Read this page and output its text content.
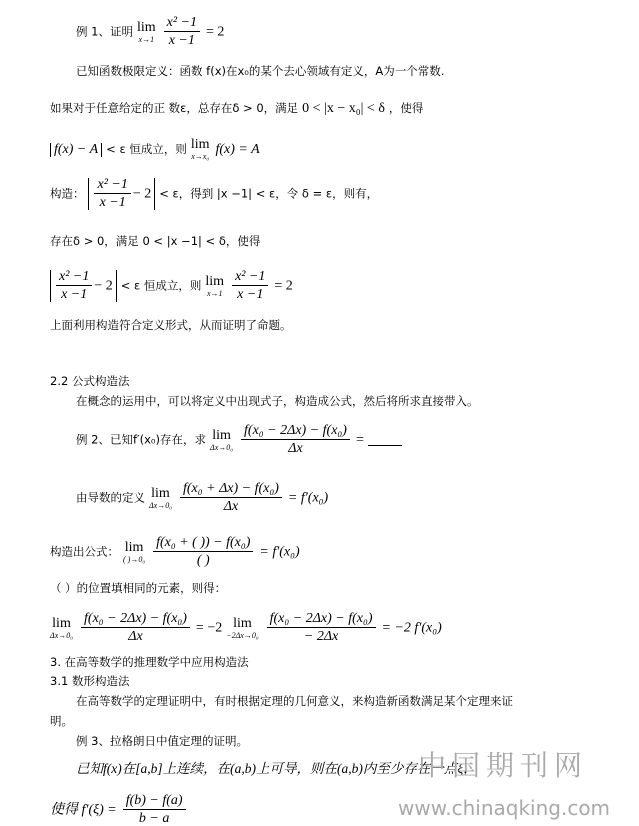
例 1、证明 lim
x→1
$\frac{\text{x² −1}}{x -1} = 2$
已知函数极限定义：函数 f(x)在x₀的某个去心领域有定义，A为一个常数.
如果对于任意给定的正 数ε，总存在δ > 0，满足 0 < |x − x₀| < δ ，使得
f(x) − A < ε 恒成立，则 lim
x→x₀ f(x) = A
构造： $\frac{\text{x² −1}}{x -1} - 2 < \varepsilon$，得到 |x −1| < ε，令 δ = ε，则有，
存在δ > 0，满足 0 < |x −1| < δ，使得
$\frac{\text{x² −1}}{x -1} - 2 < \varepsilon$ 恒成立，则 lim
x→1
$\frac{\text{x² −1}}{x -1} = 2$
上面利用构造符合定义形式，从而证明了命题。
2.2 公式构造法
在概念的运用中，可以将定义中出现式子，构造成公式，然后将所求直接带入。
例 2、已知f′(x₀)存在，求 lim
Δx→0₀
$\frac{\text{f(x₀ − 2Δx) − f(x₀)}}{\Delta x}$ =
由导数的定义 lim
Δx→0₀
$\frac{\text{f(x₀ + Δx) − f(x₀)}}{\Delta x} = f'(x_0)$
构造出公式： lim
( )→0₀
$\frac{\text{f(x₀ + ( )) − f(x₀)}}{( )} = f'(x_0)$
（ ）的位置填相同的元素，则得：
lim
Δx→0₀
$\frac{\text{f(x₀ − 2Δx) − f(x₀)}}{\Delta x} = -2$ lim
−2Δx→0₀
$\frac{\text{f(x₀ − 2Δx) − f(x₀)}}{- 2\Delta x} = -2$ f′(x₀)
3. 在高等数学的推理数学中应用构造法
3.1 数形构造法
在高等数学的定理证明中，有时根据定理的几何意义，来构造新函数满足某个定理来证
明。
例 3、拉格朗日中值定理的证明。
已知f(x)在[a,b]上连续，在(a,b)上可导，则在(a,b)内至少存在一点ξ，
使得 $f'(\xi) = \frac{f(b) - f(a)}{b - a}$
中国期刊网
www.chinaqking.com
